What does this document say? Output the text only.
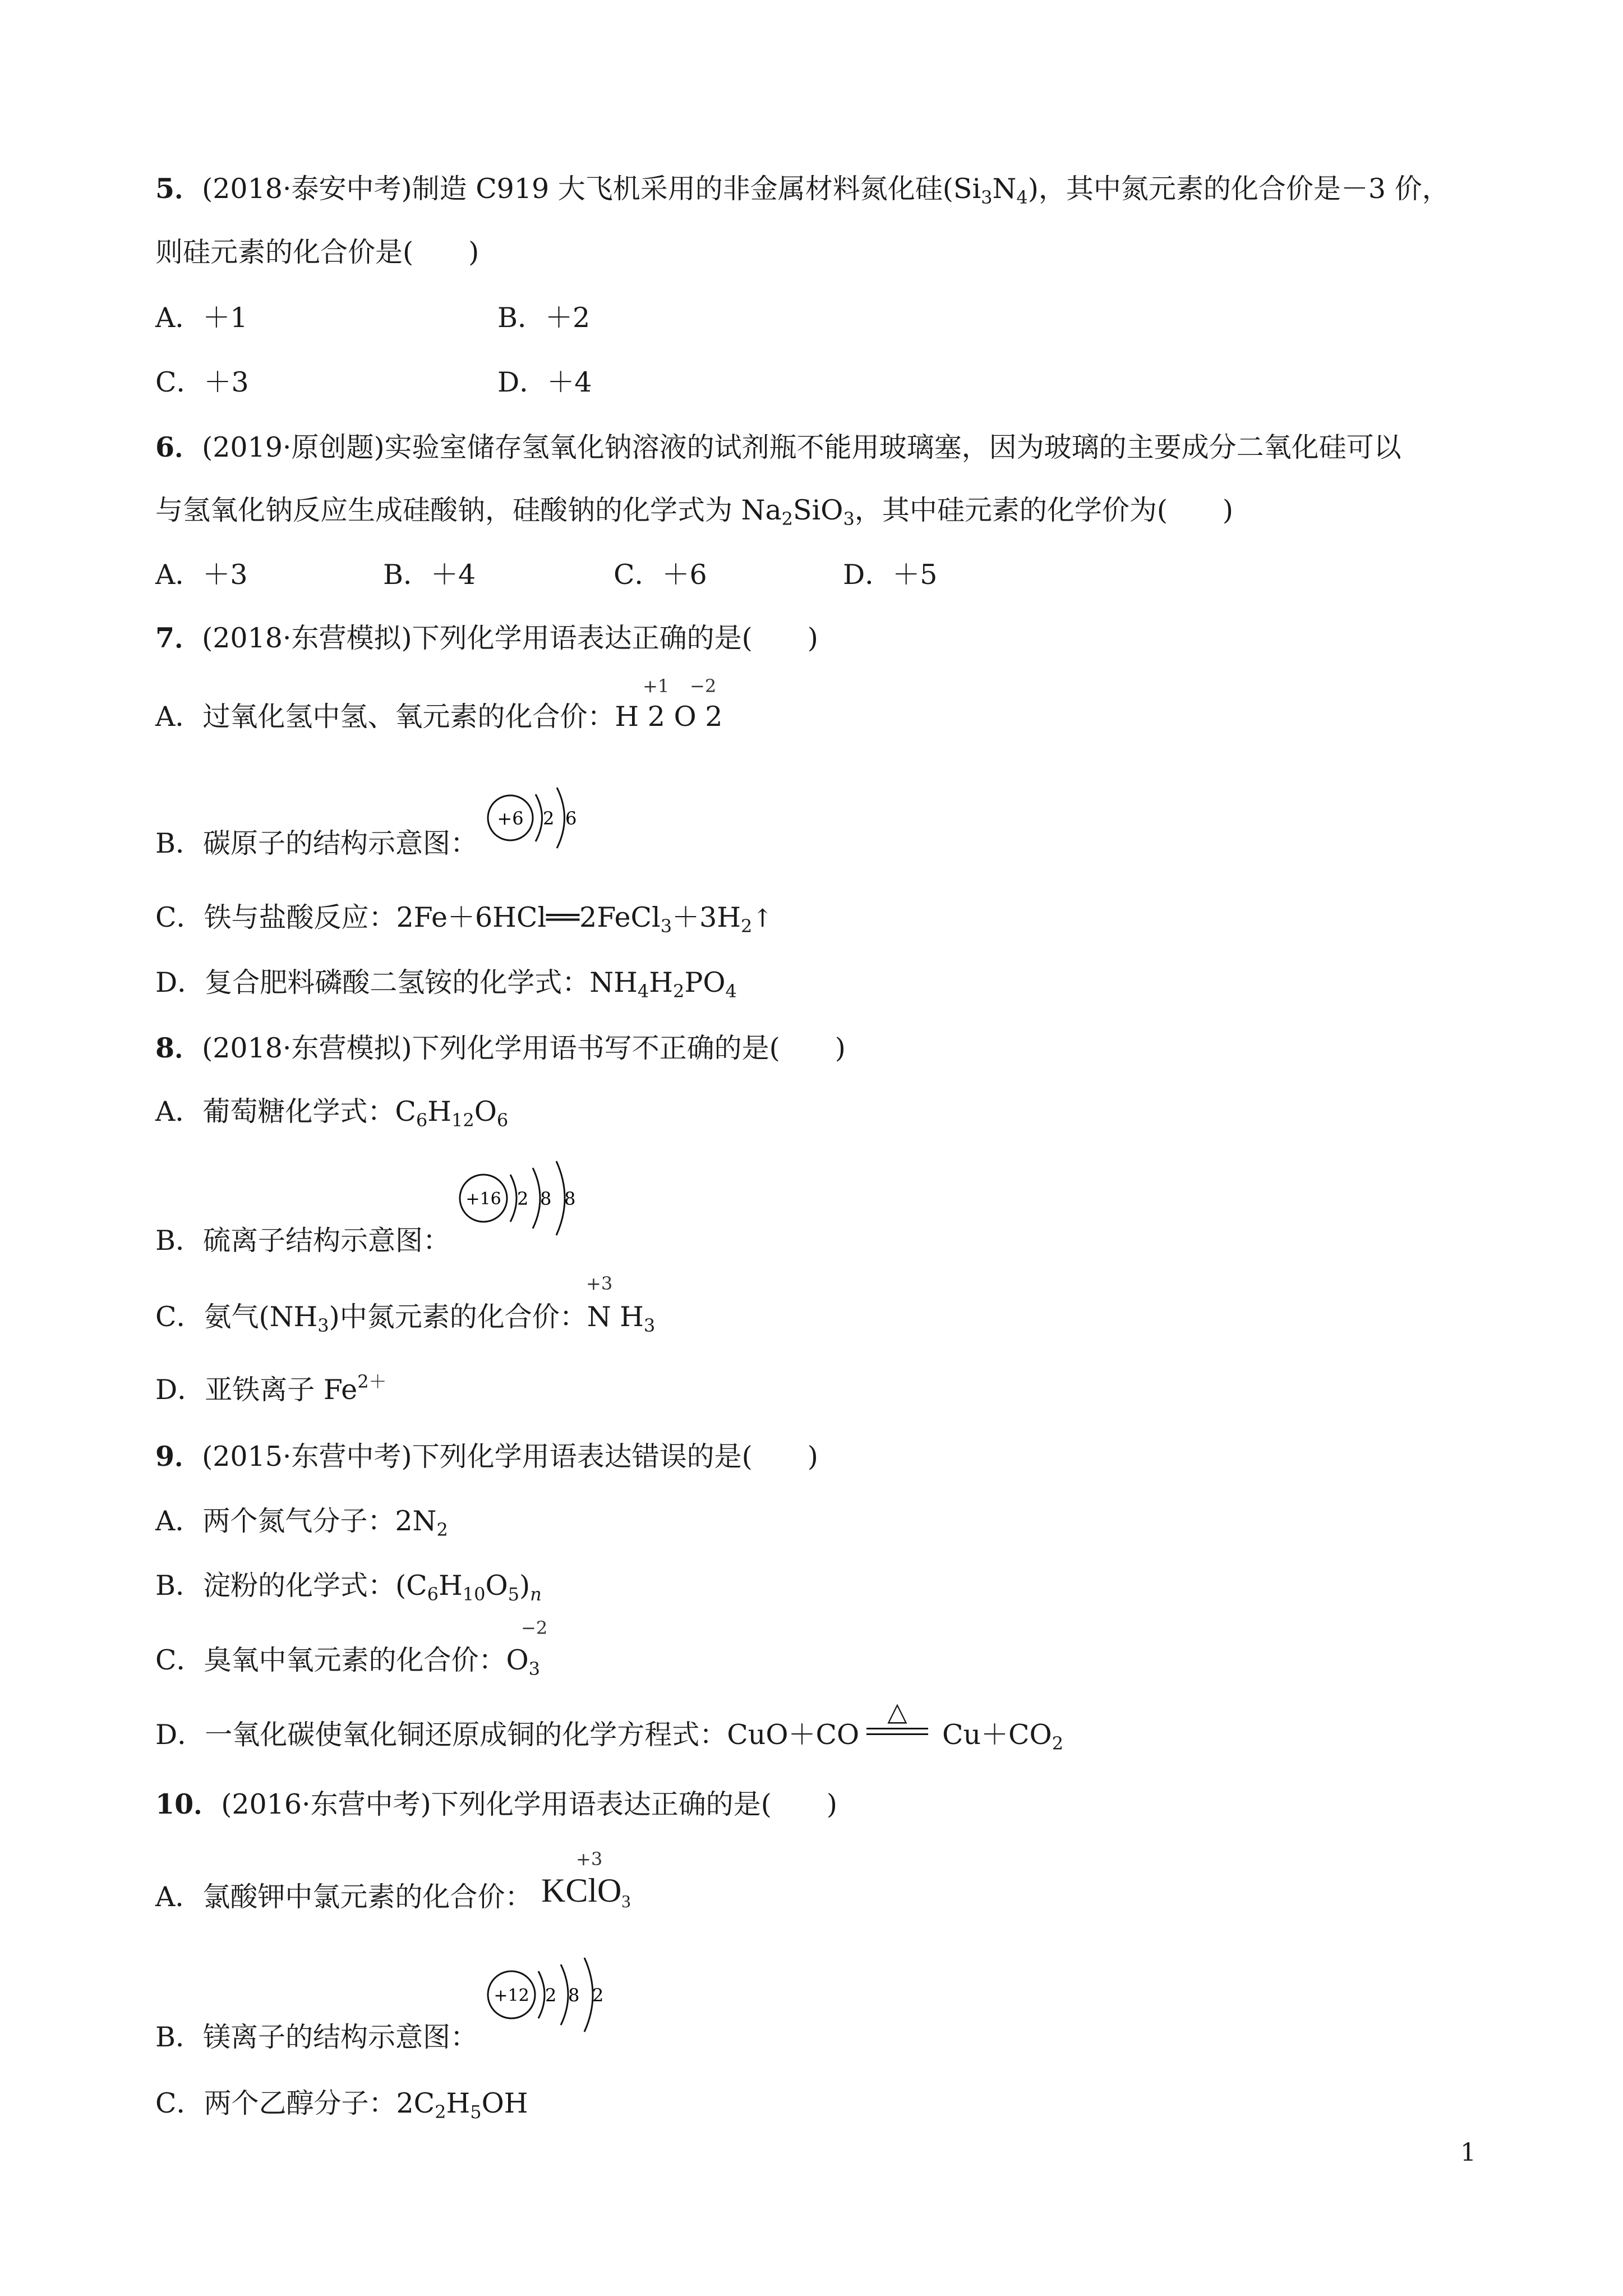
5．(2018·泰安中考)制造 C919 大飞机采用的非金属材料氮化硅$(Si_3N_4)$，其中氮元素的化合价是－3 价，
则硅元素的化合价是(　　)
A．＋1	B．＋2
C．＋3	D．＋4
6．(2019·原创题)实验室储存氢氧化钠溶液的试剂瓶不能用玻璃塞，因为玻璃的主要成分二氧化硅可以
与氢氧化钠反应生成硅酸钠，硅酸钠的化学式为 $Na_2SiO_3$，其中硅元素的化学价为(　　)
A．＋3	B．＋4	C．＋6	D．＋5
7．(2018·东营模拟)下列化学用语表达正确的是(　　)
A．过氧化氢中氢、氧元素的化合价：H 2 O 2
+1 −2
B．碳原子的结构示意图：
+6 2 6
C．铁与盐酸反应：$2Fe+6HCl══2FeCl_3+3H_2↑$
D．复合肥料磷酸二氢铵的化学式：$NH_4H_2PO_4$
8．(2018·东营模拟)下列化学用语书写不正确的是(　　)
A．葡萄糖化学式：$C_6H_{12}O_6$
B．硫离子结构示意图：
+16 2 8 8
C．氨气$(NH_3)$中氮元素的化合价：N $H_3$
+3
D．亚铁离子 $Fe^{2+}$
9．(2015·东营中考)下列化学用语表达错误的是(　　)
A．两个氮气分子：$2N_2$
B．淀粉的化学式：$(C_6H_{10}O_5)_n$
C．臭氧中氧元素的化合价：$O_3$
−2
D．一氧化碳使氧化铜还原成铜的化学方程式：CuO＋CO
△
$Cu+CO_2$
10．(2016·东营中考)下列化学用语表达正确的是(　　)
A．氯酸钾中氯元素的化合价： KClO$_3$
+3
B．镁离子的结构示意图：
+12 2 8 2
C．两个乙醇分子：$2C_2H_5OH$
1
